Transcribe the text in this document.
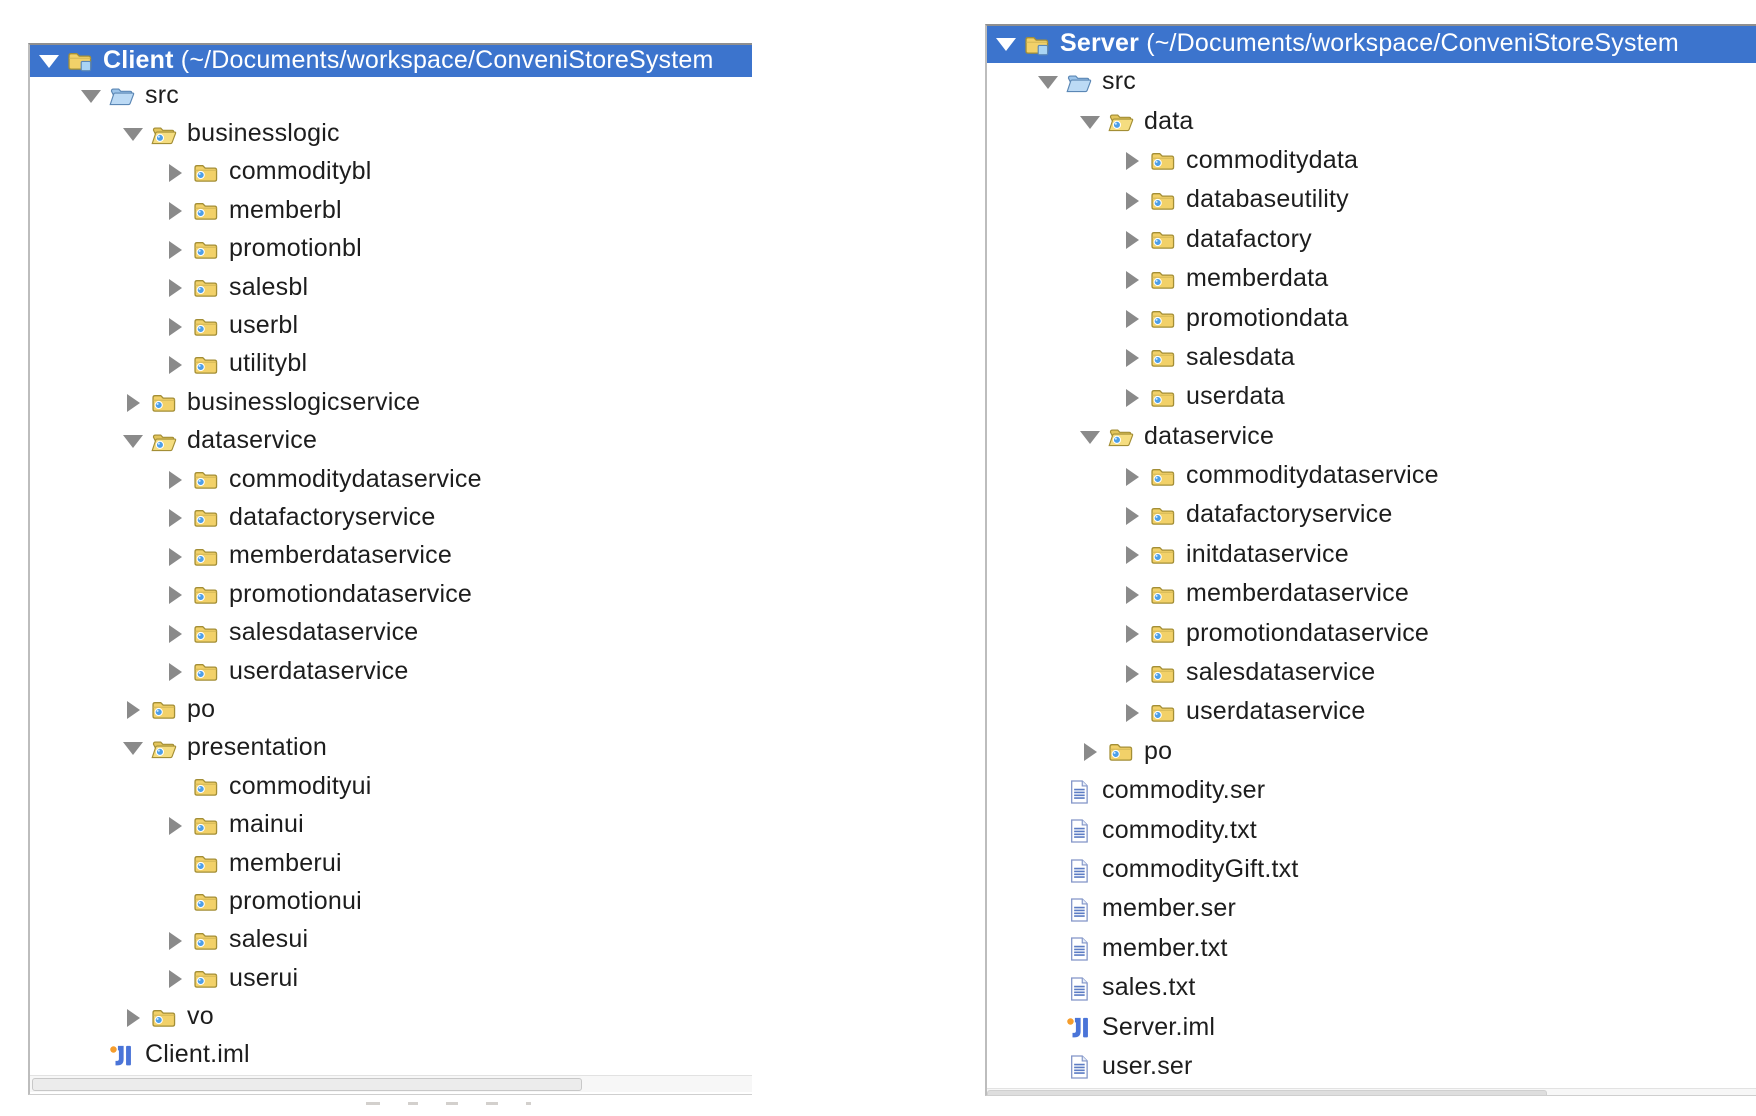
Client (~/Documents/workspace/ConveniStoreSystem
src
businesslogic
commoditybl
memberbl
promotionbl
salesbl
userbl
utilitybl
businesslogicservice
dataservice
commoditydataservice
datafactoryservice
memberdataservice
promotiondataservice
salesdataservice
userdataservice
po
presentation
commodityui
mainui
memberui
promotionui
salesui
userui
vo
Client.iml
Server (~/Documents/workspace/ConveniStoreSystem
src
data
commoditydata
databaseutility
datafactory
memberdata
promotiondata
salesdata
userdata
dataservice
commoditydataservice
datafactoryservice
initdataservice
memberdataservice
promotiondataservice
salesdataservice
userdataservice
po
commodity.ser
commodity.txt
commodityGift.txt
member.ser
member.txt
sales.txt
Server.iml
user.ser
